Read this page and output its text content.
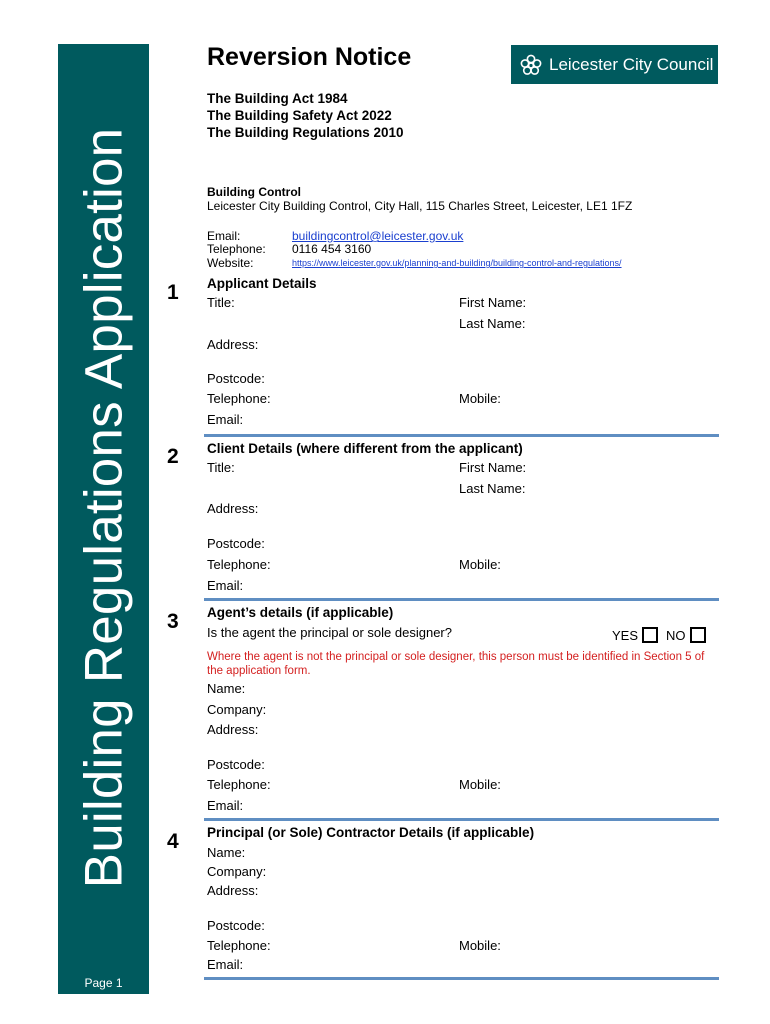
Building Regulations Application
Page 1
Reversion Notice	Leicester City Council
The Building Act 1984
The Building Safety Act 2022
The Building Regulations 2010
Building Control
Leicester City Building Control, City Hall, 115 Charles Street, Leicester, LE1 1FZ
Email:	buildingcontrol@leicester.gov.uk
Telephone: 0116 454 3160
Website:	https://www.leicester.gov.uk/planning-and-building/building-control-and-regulations/
1 Applicant Details
Title:	First Name:
Last Name:
Address:
Postcode:
Telephone:	Mobile:
Email:
2 Client Details (where different from the applicant)
Title:	First Name:
Last Name:
Address:
Postcode:
Telephone:	Mobile:
Email:
3 Agent’s details (if applicable)
Is the agent the principal or sole designer?	YES NO
Where the agent is not the principal or sole designer, this person must be identified in Section 5 of the application form.
Name:
Company:
Address:
Postcode:
Telephone:	Mobile:
Email:
4 Principal (or Sole) Contractor Details (if applicable)
Name:
Company:
Address:
Postcode:
Telephone:	Mobile:
Email:
